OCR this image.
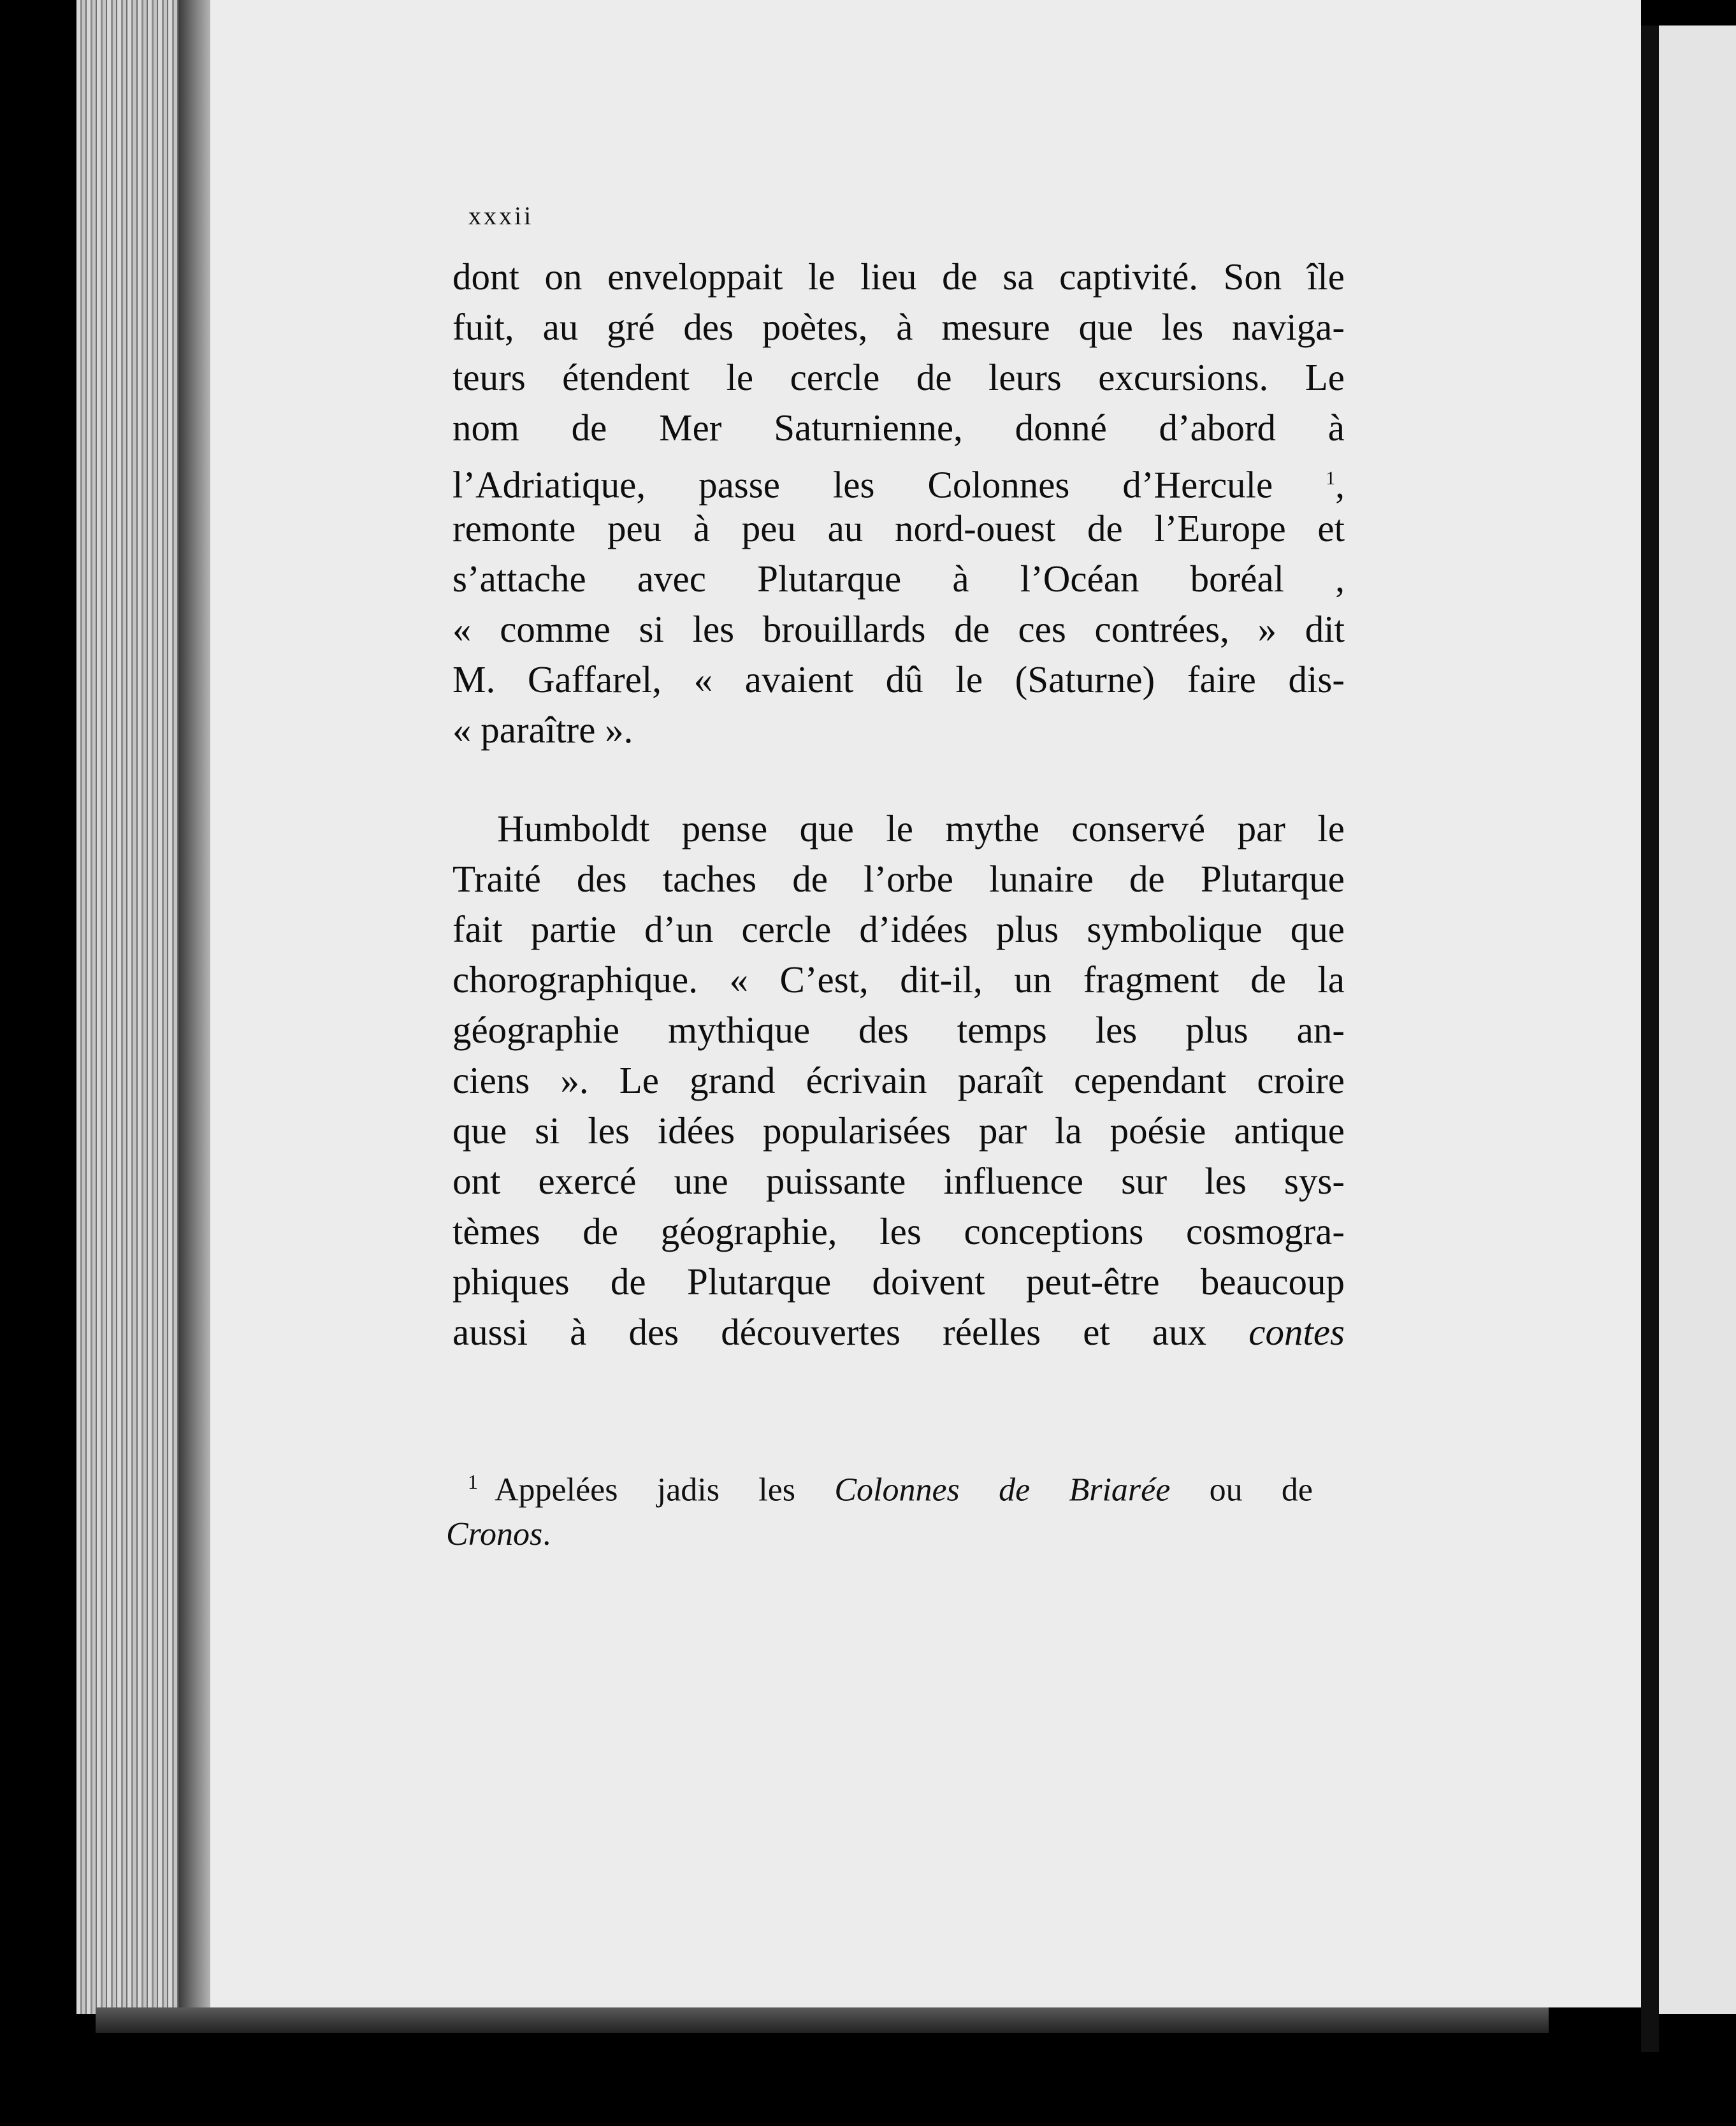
xxxii
dont on enveloppait le lieu de sa captivité. Son île
fuit, au gré des poètes, à mesure que les naviga-
teurs étendent le cercle de leurs excursions. Le
nom de Mer Saturnienne, donné d’abord à
l’Adriatique, passe les Colonnes d’Hercule	$^1$,
remonte peu à peu au nord-ouest de l’Europe et
s’attache avec Plutarque à l’Océan boréal ,
« comme si les brouillards de ces contrées, » dit
M. Gaffarel, « avaient dû le (Saturne) faire dis-
« paraître ».
Humboldt pense que le mythe conservé par le
Traité des taches de l’orbe lunaire de Plutarque
fait partie d’un cercle d’idées plus symbolique que
chorographique. « C’est, dit-il, un fragment de la
géographie mythique des temps les plus an-
ciens ». Le grand écrivain paraît cependant croire
que si les idées popularisées par la poésie antique
ont exercé une puissante influence sur les sys-
tèmes de géographie, les conceptions cosmogra-
phiques de Plutarque doivent peut-être beaucoup
aussi à des découvertes réelles et aux contes
$^1$ Appelées jadis les Colonnes de Briarée ou de
Cronos.
